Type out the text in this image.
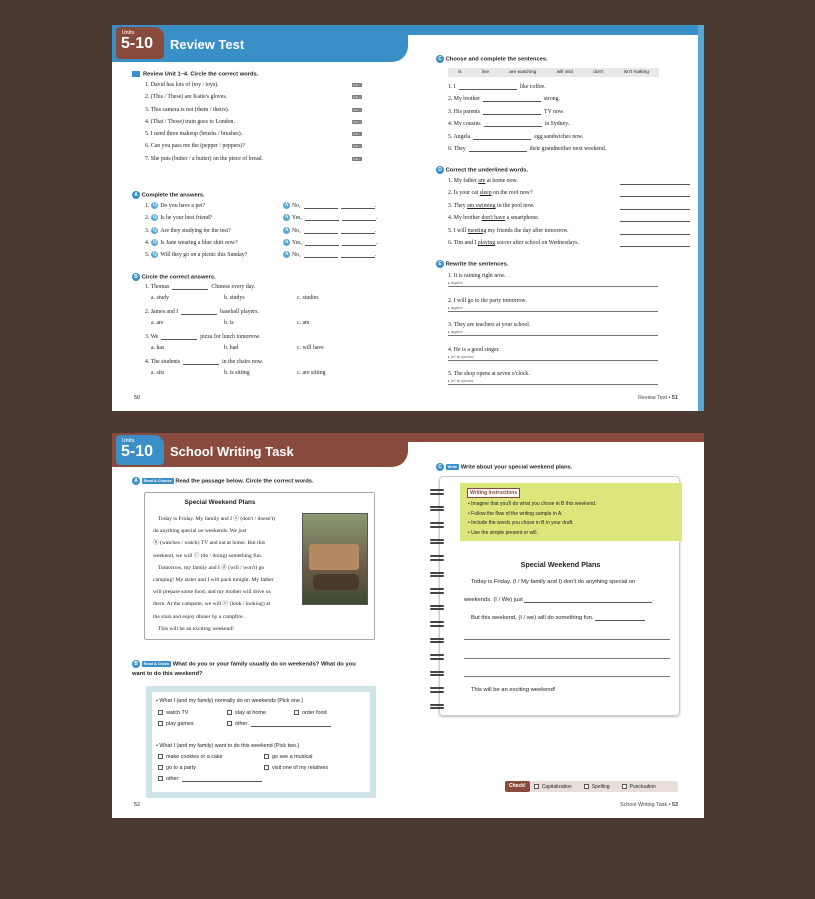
Units
5-10 Review Test
Review Unit 1–4. Circle the correct words.
1. David has lots of (toy / toys).	Unit 1
2. (This / These) are Katie's gloves.	Unit 2
3. This camera is not (them / theirs).	Unit 3
4. (That / Those) train goes to London.	Unit 4
5. I need three makeup (brushs / brushes).	Unit 1
6. Can you pass me the (pepper / peppers)?	Unit 2
7. She puts (butter / a butter) on the piece of bread.	Unit 1
A Complete the answers.
1. Q Do you have a pet?	A No,	.
2. Q Is he your best friend?	A Yes,	.
3. Q Are they studying for the test?	A No,	.
4. Q Is Jane wearing a blue shirt now?	A Yes,	.
5. Q Will they go on a picnic this Sunday?	A No,	.
B Circle the correct answers.
1. Thomas	Chinese every day.
a. study	b. studys	c. studies
2. James and I	baseball players.
a. are	b. is	c. am
3. We	pizza for lunch tomorrow.
a. has	b. had	c. will have
4. The students	in the chairs now.
a. sits	b. is sitting	c. are sitting
50
C Choose and complete the sentences.
is	live	are watching	will visit	don't	isn't making
1. I	like coffee.
2. My brother	strong.
3. His parents	TV now.
4. My cousins	in Sydney.
5. Angela	egg sandwiches now.
6. They	their grandmother next weekend.
D Correct the underlined words.
1. My father are at home now.
2. Is your cat sleep on the roof now?
3. They am swiming in the pool now.
4. My brother don't have a smartphone.
5. I will meeting my friends the day after tomorrow.
6. Tim and I playing soccer after school on Wednesdays.
E Rewrite the sentences.
1. It is raining right now.
▸ negative
2. I will go to the party tomorrow.
▸ negative
3. They are teachers at your school.
▸ negative
4. He is a good singer.
▸ yes-no question
5. The shop opens at seven o'clock.
▸ yes-no question
Review Test • 51
Units
5-10 School Writing Task
A Read & Choose Read the passage below. Circle the correct words.
Special Weekend Plans
Today is Friday. My family and I ⓐ (don't / doesn't)
do anything special on weekends. We just
ⓑ (watches / watch) TV and eat at home. But this
weekend, we will ⓒ (do / doing) something fun.
Tomorrow, my family and I ⓓ (will / won't) go
camping! My sister and I will pack tonight. My father
will prepare some food, and my mother will drive us
there. At the campsite, we will ⓔ (look / looking) at
the stars and enjoy dinner by a campfire.
This will be an exciting weekend!
B Read & Check What do you or your family usually do on weekends? What do you
want to do this weekend?
• What I (and my family) normally do on weekends (Pick one.)
watch TV	stay at home	order food
play games	other:
• What I (and my family) want to do this weekend (Pick two.)
make cookies or a cake	go see a musical
go to a party	visit one of my relatives
other:
52
C Write Write about your special weekend plans.
Writing Instructions
• Imagine that you'll do what you chose in B this weekend.
• Follow the flow of the writing sample in A.
• Include the words you chose in B in your draft.
• Use the simple present or will.
Special Weekend Plans
Today is Friday. (I / My family and I) don't do anything special on
weekends. (I / We) just	.
But this weekend, (I / we) will do something fun.
This will be an exciting weekend!
Check!	Capitalization	Spelling	Punctuation
School Writing Task • 53
